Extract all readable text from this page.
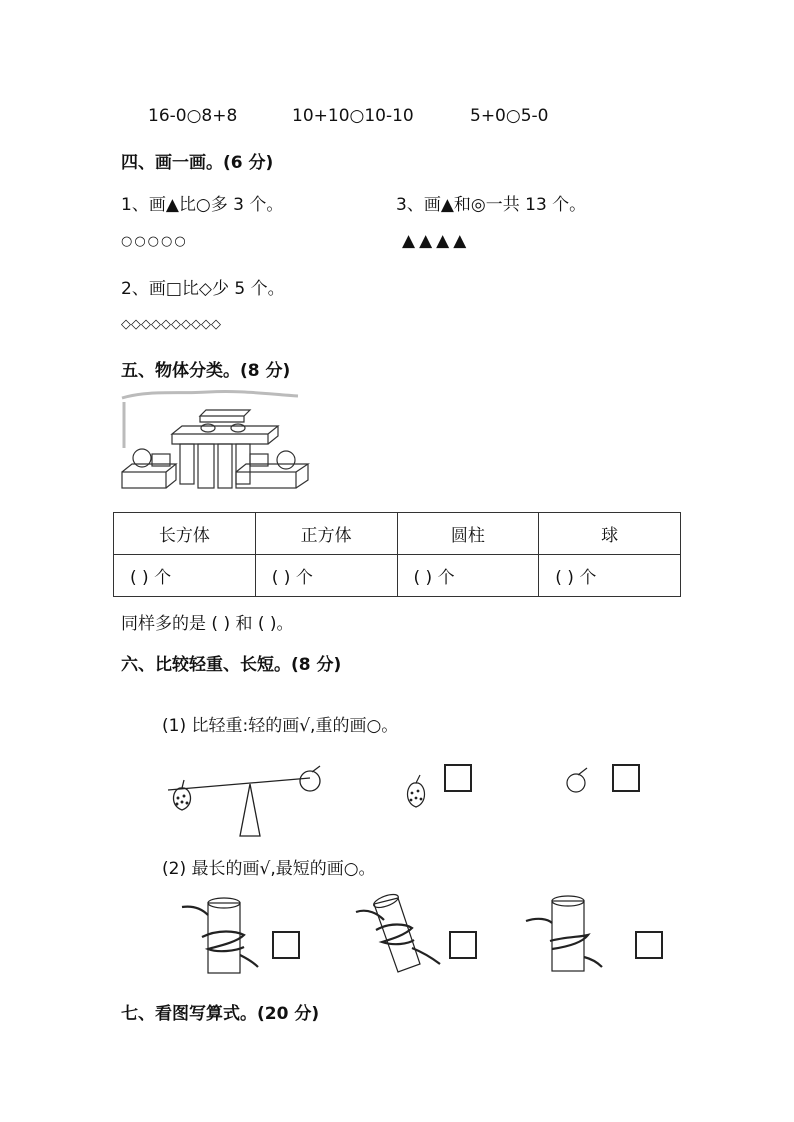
16-0○8+8	10+10○10-10	5+0○5-0
四、画一画。(6 分)
1、画▲比○多 3 个。
○○○○○
3、画▲和◎一共 13 个。
▲▲▲▲
2、画□比◇少 5 个。
◇◇◇◇◇◇◇◇◇◇
五、物体分类。(8 分)
长方体	正方体	圆柱	球
( ) 个	( ) 个	( ) 个	( ) 个
同样多的是 ( ) 和 ( )。
六、比较轻重、长短。(8 分)
(1) 比轻重:轻的画√,重的画○。
(2) 最长的画√,最短的画○。
七、看图写算式。(20 分)
